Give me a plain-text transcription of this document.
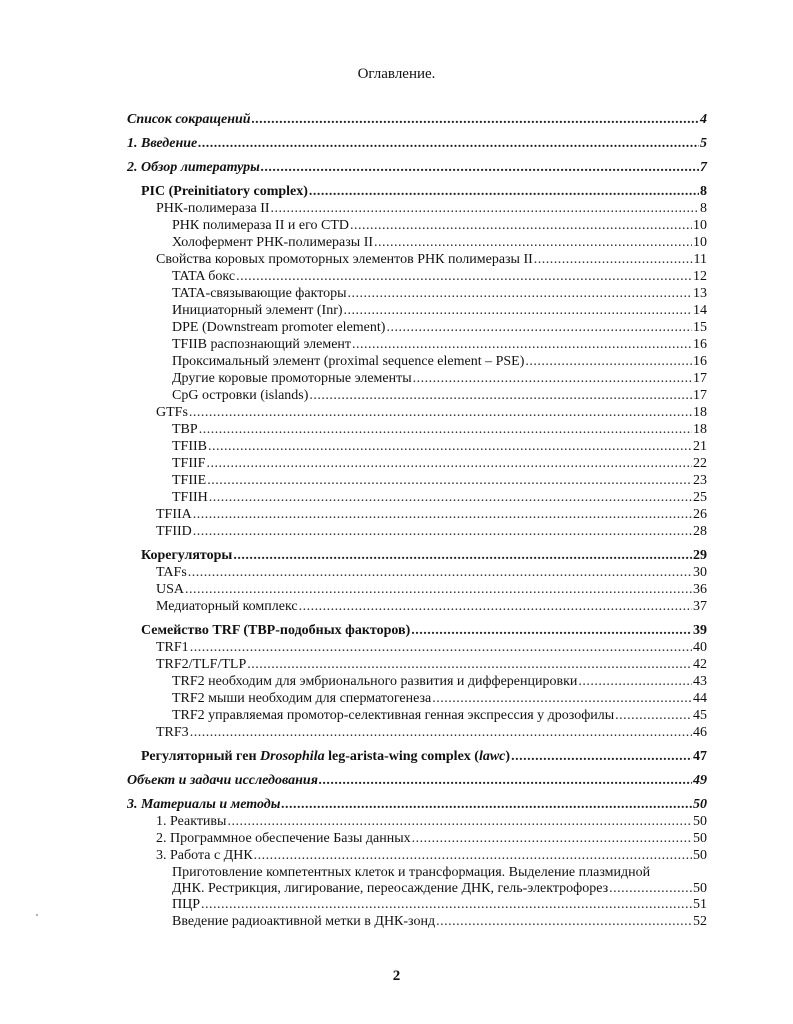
Оглавление.
Список сокращений .....	4
1. Введение .....	5
2. Обзор литературы .....	7
PIC (Preinitiatory complex) .....	8
РНК-полимераза II .....	8
РНК полимераза II и его CTD .....	10
Холофермент РНК-полимеразы II .....	10
Свойства коровых промоторных элементов РНК полимеразы II .....	11
TATA бокс .....	12
TATA-связывающие факторы .....	13
Инициаторный элемент (Inr) .....	14
DPE (Downstream promoter element) .....	15
TFIIB распознающий элемент .....	16
Проксимальный элемент (proximal sequence element – PSE) .....	16
Другие коровые промоторные элементы .....	17
CpG островки (islands) .....	17
GTFs .....	18
TBP .....	18
TFIIB .....	21
TFIIF .....	22
TFIIE .....	23
TFIIH .....	25
TFIIA .....	26
TFIID .....	28
Корегуляторы .....	29
TAFs .....	30
USA .....	36
Медиаторный комплекс .....	37
Семейство TRF (TBP-подобных факторов) .....	39
TRF1 .....	40
TRF2/TLF/TLP .....	42
TRF2 необходим для эмбрионального развития и дифференцировки .....	43
TRF2 мыши необходим для сперматогенеза .....	44
TRF2 управляемая промотор-селективная генная экспрессия у дрозофилы .....	45
TRF3 .....	46
Регуляторный ген Drosophila leg-arista-wing complex (lawc) .....	47
Объект и задачи исследования .....	49
3. Материалы и методы .....	50
1. Реактивы .....	50
2. Программное обеспечение Базы данных .....	50
3. Работа с ДНК .....	50
Приготовление компетентных клеток и трансформация. Выделение плазмидной
ДНК. Рестрикция, лигирование, переосаждение ДНК, гель-электрофорез .....	50
ПЦР .....	51
Введение радиоактивной метки в ДНК-зонд .....	52
2
